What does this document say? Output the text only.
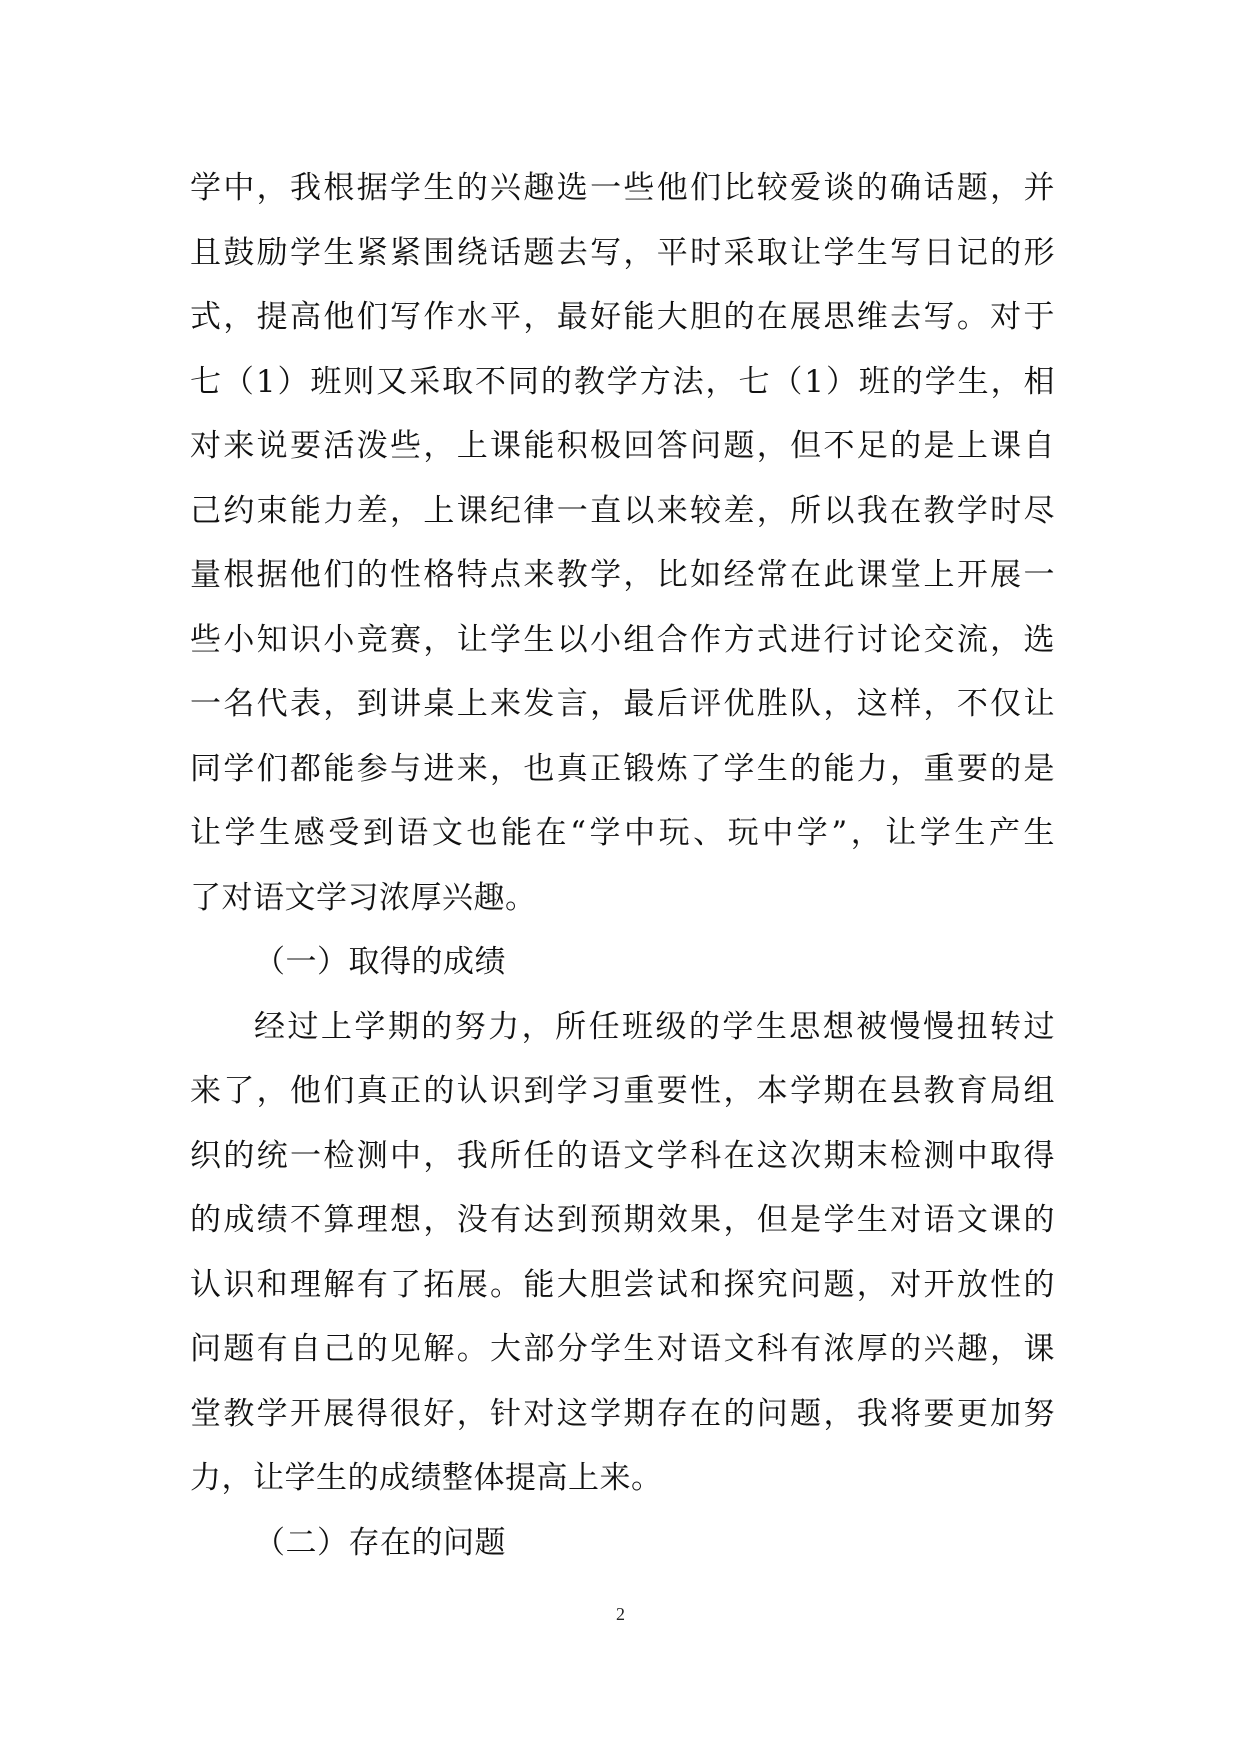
学中，我根据学生的兴趣选一些他们比较爱谈的确话题，并
且鼓励学生紧紧围绕话题去写，平时采取让学生写日记的形
式，提高他们写作水平，最好能大胆的在展思维去写。对于
七（1）班则又采取不同的教学方法，七（1）班的学生，相
对来说要活泼些，上课能积极回答问题，但不足的是上课自
己约束能力差，上课纪律一直以来较差，所以我在教学时尽
量根据他们的性格特点来教学，比如经常在此课堂上开展一
些小知识小竞赛，让学生以小组合作方式进行讨论交流，选
一名代表，到讲桌上来发言，最后评优胜队，这样，不仅让
同学们都能参与进来，也真正锻炼了学生的能力，重要的是
让学生感受到语文也能在“学中玩、玩中学”，让学生产生
了对语文学习浓厚兴趣。
（一）取得的成绩
经过上学期的努力，所任班级的学生思想被慢慢扭转过
来了，他们真正的认识到学习重要性，本学期在县教育局组
织的统一检测中，我所任的语文学科在这次期末检测中取得
的成绩不算理想，没有达到预期效果，但是学生对语文课的
认识和理解有了拓展。能大胆尝试和探究问题，对开放性的
问题有自己的见解。大部分学生对语文科有浓厚的兴趣，课
堂教学开展得很好，针对这学期存在的问题，我将要更加努
力，让学生的成绩整体提高上来。
（二）存在的问题
2
